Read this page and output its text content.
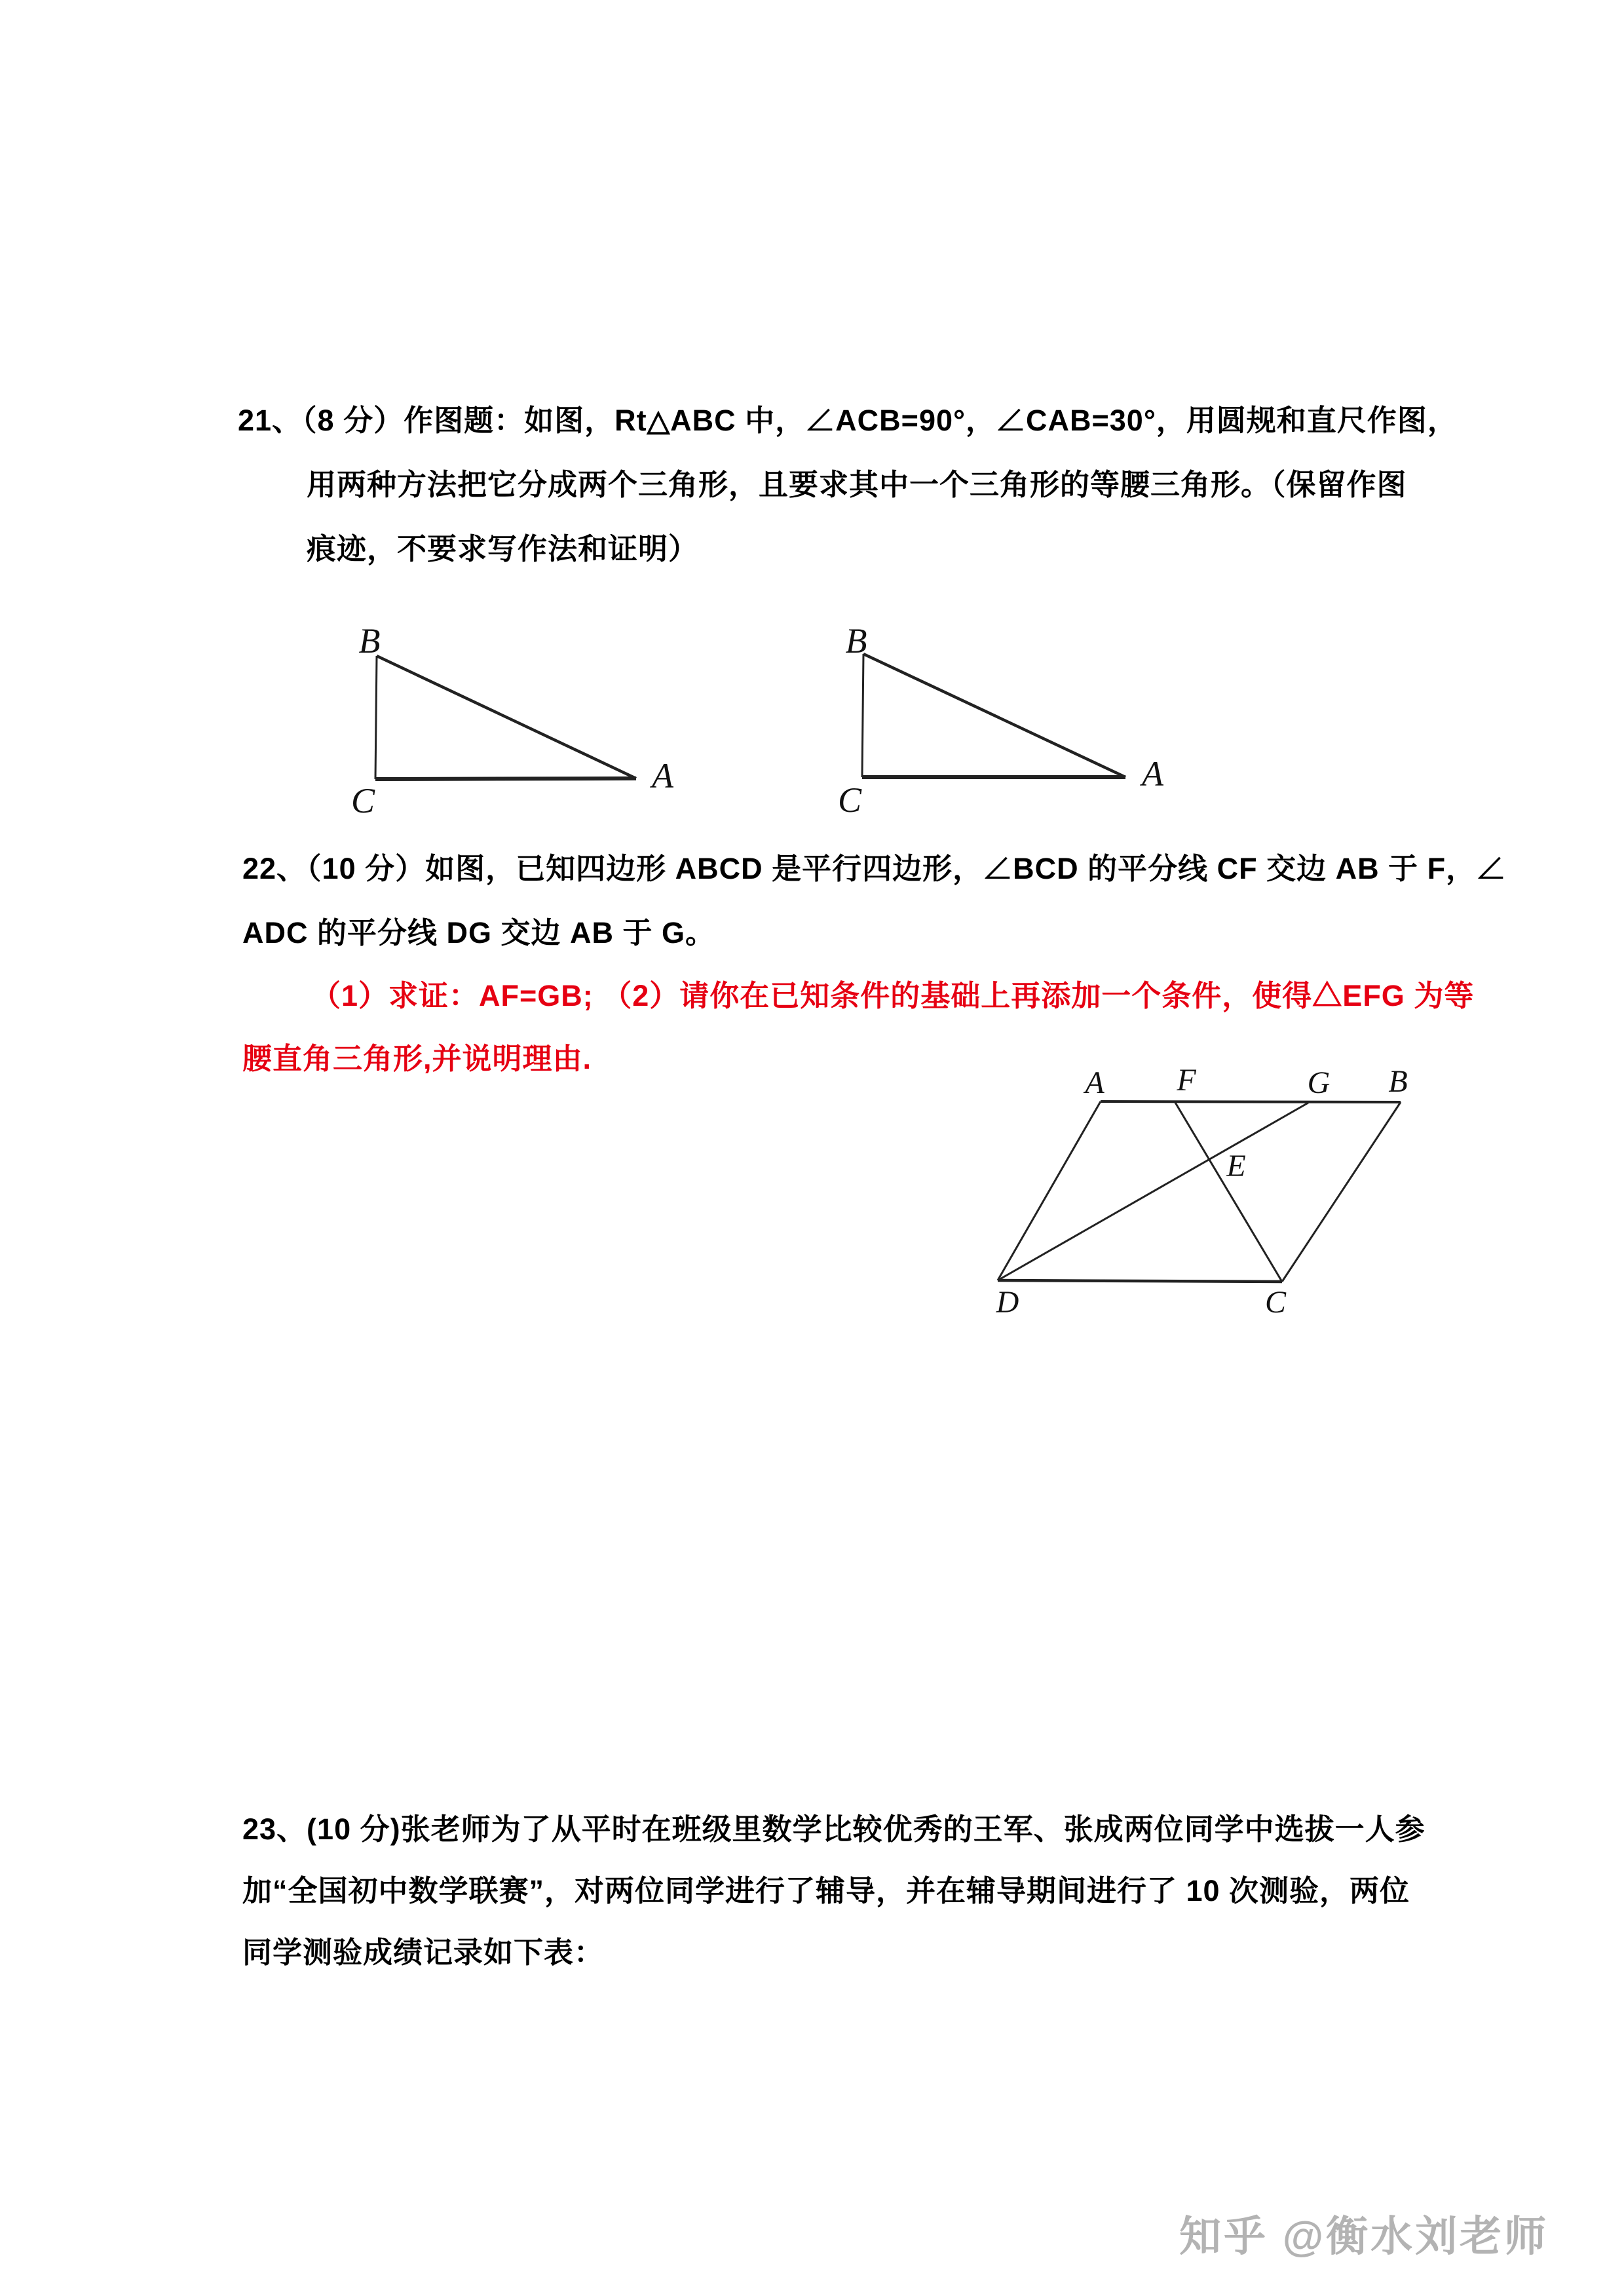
21、（8 分）作图题：如图，Rt△ABC 中，∠ACB=90°，∠CAB=30°，用圆规和直尺作图，
用两种方法把它分成两个三角形，且要求其中一个三角形的等腰三角形。（保留作图
痕迹，不要求写作法和证明）
B
C
A
B
C
A
22、（10 分）如图，已知四边形 ABCD 是平行四边形，∠BCD 的平分线 CF 交边 AB 于 F，∠
ADC 的平分线 DG 交边 AB 于 G。
（1）求证：AF=GB; （2）请你在已知条件的基础上再添加一个条件，使得△EFG 为等
腰直角三角形,并说明理由.
A F	G B
E
D	C
23、(10 分)张老师为了从平时在班级里数学比较优秀的王军、张成两位同学中选拔一人参
加“全国初中数学联赛”，对两位同学进行了辅导，并在辅导期间进行了 10 次测验，两位
同学测验成绩记录如下表：
知乎 @衡水刘老师
